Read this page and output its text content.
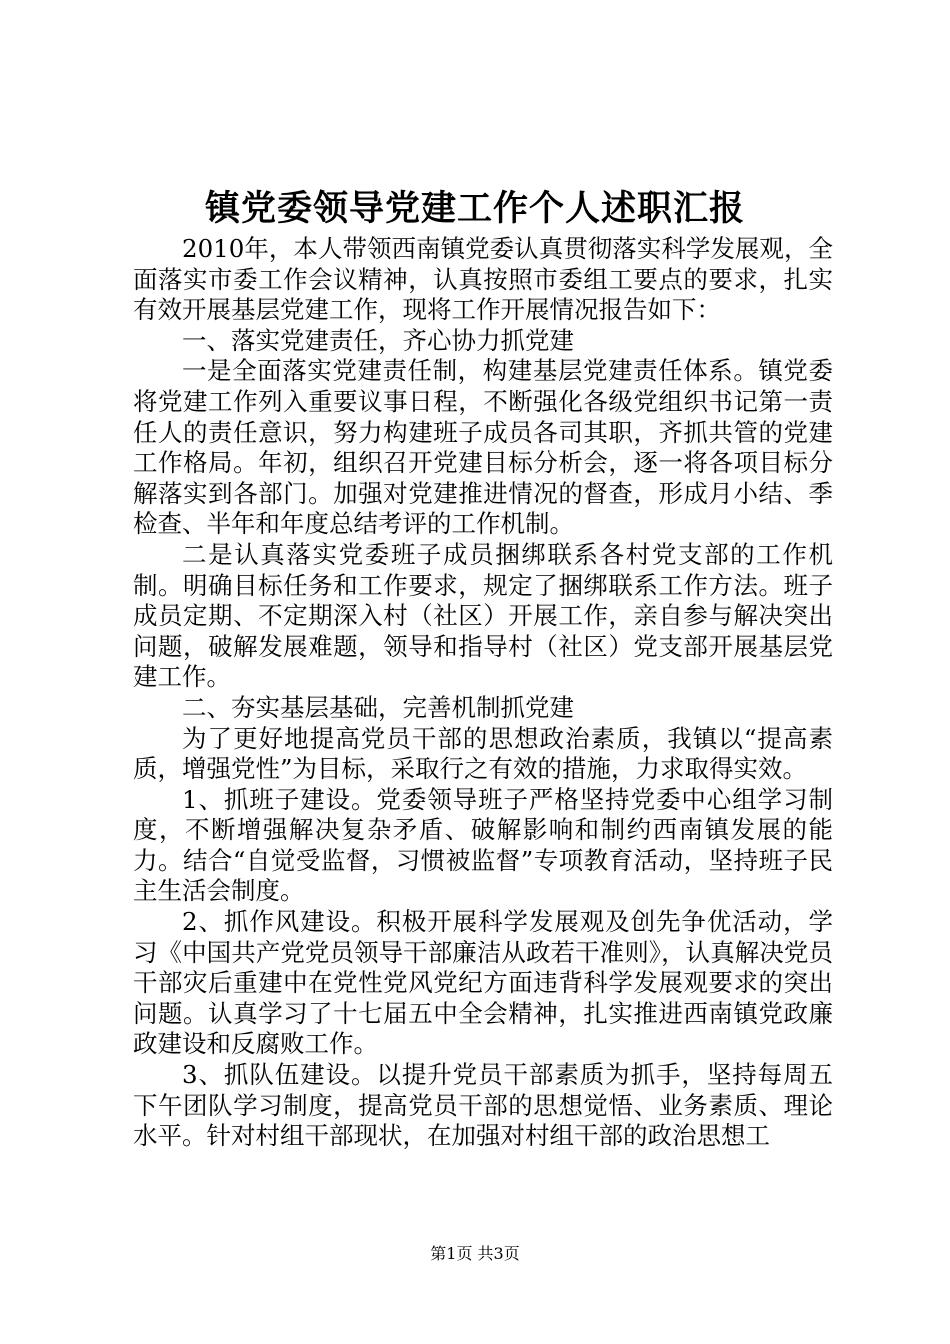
镇党委领导党建工作个人述职汇报

2010年，本人带领西南镇党委认真贯彻落实科学发展观，全面落实市委工作会议精神，认真按照市委组工要点的要求，扎实有效开展基层党建工作，现将工作开展情况报告如下：

一、落实党建责任，齐心协力抓党建

一是全面落实党建责任制，构建基层党建责任体系。镇党委将党建工作列入重要议事日程，不断强化各级党组织书记第一责任人的责任意识，努力构建班子成员各司其职，齐抓共管的党建工作格局。年初，组织召开党建目标分析会，逐一将各项目标分解落实到各部门。加强对党建推进情况的督查，形成月小结、季检查、半年和年度总结考评的工作机制。

二是认真落实党委班子成员捆绑联系各村党支部的工作机制。明确目标任务和工作要求，规定了捆绑联系工作方法。班子成员定期、不定期深入村（社区）开展工作，亲自参与解决突出问题，破解发展难题，领导和指导村（社区）党支部开展基层党建工作。

二、夯实基层基础，完善机制抓党建

为了更好地提高党员干部的思想政治素质，我镇以“提高素质，增强党性”为目标，采取行之有效的措施，力求取得实效。

1、抓班子建设。党委领导班子严格坚持党委中心组学习制度，不断增强解决复杂矛盾、破解影响和制约西南镇发展的能力。结合“自觉受监督，习惯被监督”专项教育活动，坚持班子民主生活会制度。

2、抓作风建设。积极开展科学发展观及创先争优活动，学习《中国共产党党员领导干部廉洁从政若干准则》，认真解决党员干部灾后重建中在党性党风党纪方面违背科学发展观要求的突出问题。认真学习了十七届五中全会精神，扎实推进西南镇党政廉政建设和反腐败工作。

3、抓队伍建设。以提升党员干部素质为抓手，坚持每周五下午团队学习制度，提高党员干部的思想觉悟、业务素质、理论水平。针对村组干部现状，在加强对村组干部的政治思想工

第1页 共3页
